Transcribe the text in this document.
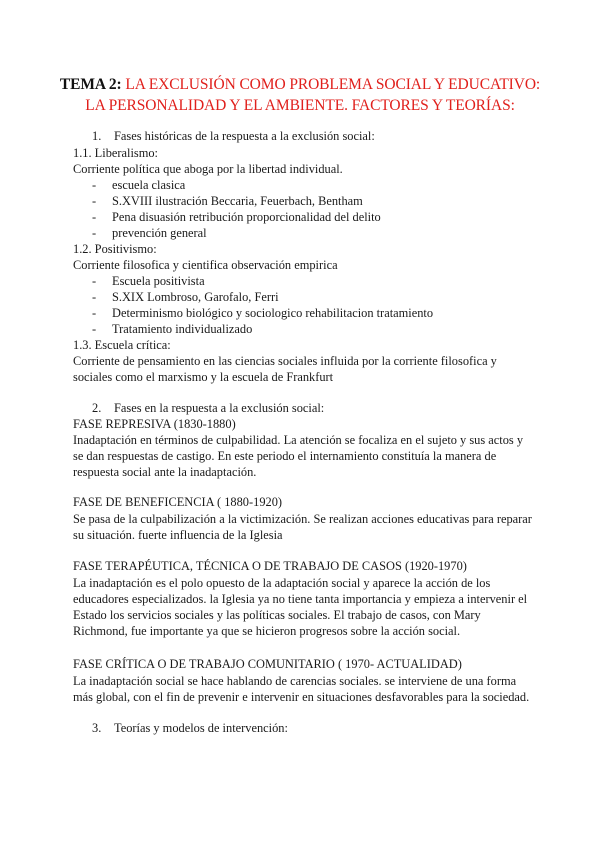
TEMA 2: LA EXCLUSIÓN COMO PROBLEMA SOCIAL Y EDUCATIVO:
LA PERSONALIDAD Y EL AMBIENTE. FACTORES Y TEORÍAS:
1. Fases históricas de la respuesta a la exclusión social:
1.1. Liberalismo:
Corriente política que aboga por la libertad individual.
- escuela clasica
- S.XVIII ilustración Beccaria, Feuerbach, Bentham
- Pena disuasión retribución proporcionalidad del delito
- prevención general
1.2. Positivismo:
Corriente filosofica y cientifica observación empirica
- Escuela positivista
- S.XIX Lombroso, Garofalo, Ferri
- Determinismo biológico y sociologico rehabilitacion tratamiento
- Tratamiento individualizado
1.3. Escuela crítica:
Corriente de pensamiento en las ciencias sociales influida por la corriente filosofica y
sociales como el marxismo y la escuela de Frankfurt
2. Fases en la respuesta a la exclusión social:
FASE REPRESIVA (1830-1880)
Inadaptación en términos de culpabilidad. La atención se focaliza en el sujeto y sus actos y
se dan respuestas de castigo. En este periodo el internamiento constituía la manera de
respuesta social ante la inadaptación.
FASE DE BENEFICENCIA ( 1880-1920)
Se pasa de la culpabilización a la victimización. Se realizan acciones educativas para reparar
su situación. fuerte influencia de la Iglesia
FASE TERAPÉUTICA, TÉCNICA O DE TRABAJO DE CASOS (1920-1970)
La inadaptación es el polo opuesto de la adaptación social y aparece la acción de los
educadores especializados. la Iglesia ya no tiene tanta importancia y empieza a intervenir el
Estado los servicios sociales y las políticas sociales. El trabajo de casos, con Mary
Richmond, fue importante ya que se hicieron progresos sobre la acción social.
FASE CRÍTICA O DE TRABAJO COMUNITARIO ( 1970- ACTUALIDAD)
La inadaptación social se hace hablando de carencias sociales. se interviene de una forma
más global, con el fin de prevenir e intervenir en situaciones desfavorables para la sociedad.
3. Teorías y modelos de intervención:
